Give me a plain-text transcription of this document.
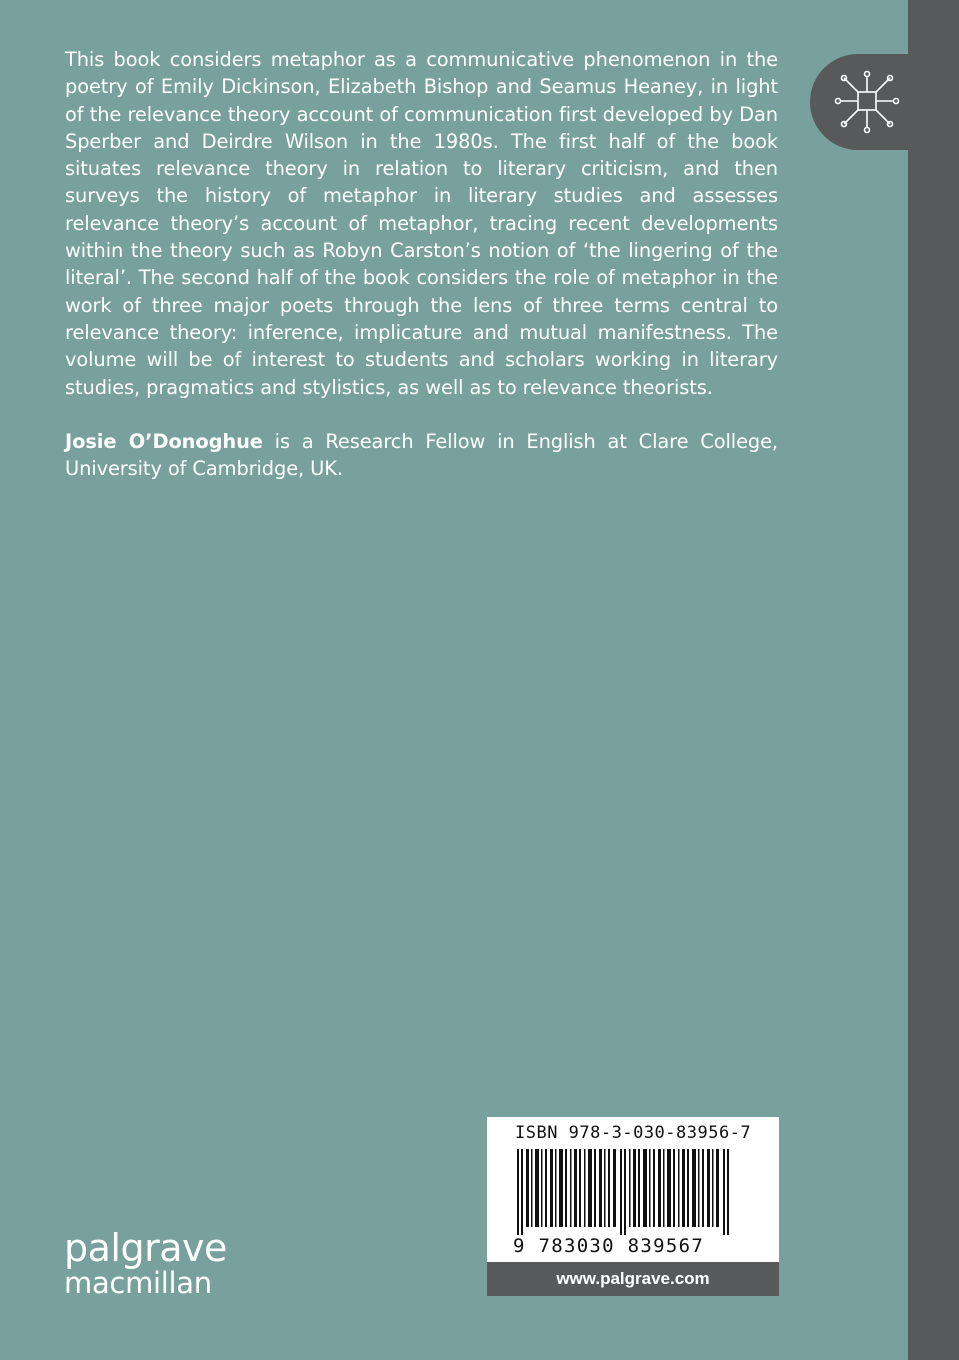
This book considers metaphor as a communicative phenomenon in the poetry of Emily Dickinson, Elizabeth Bishop and Seamus Heaney, in light of the relevance theory account of communication first developed by Dan Sperber and Deirdre Wilson in the 1980s. The first half of the book situates relevance theory in relation to literary criticism, and then surveys the history of metaphor in literary studies and assesses relevance theory’s account of metaphor, tracing recent developments within the theory such as Robyn Carston’s notion of ‘the lingering of the literal’. The second half of the book considers the role of metaphor in the work of three major poets through the lens of three terms central to relevance theory: inference, implicature and mutual manifestness. The volume will be of interest to students and scholars working in literary studies, pragmatics and stylistics, as well as to relevance theorists.

Josie O’Donoghue is a Research Fellow in English at Clare College, University of Cambridge, UK.

palgrave
macmillan
ISBN 978-3-030-83956-7
9 783030 839567
www.palgrave.com
